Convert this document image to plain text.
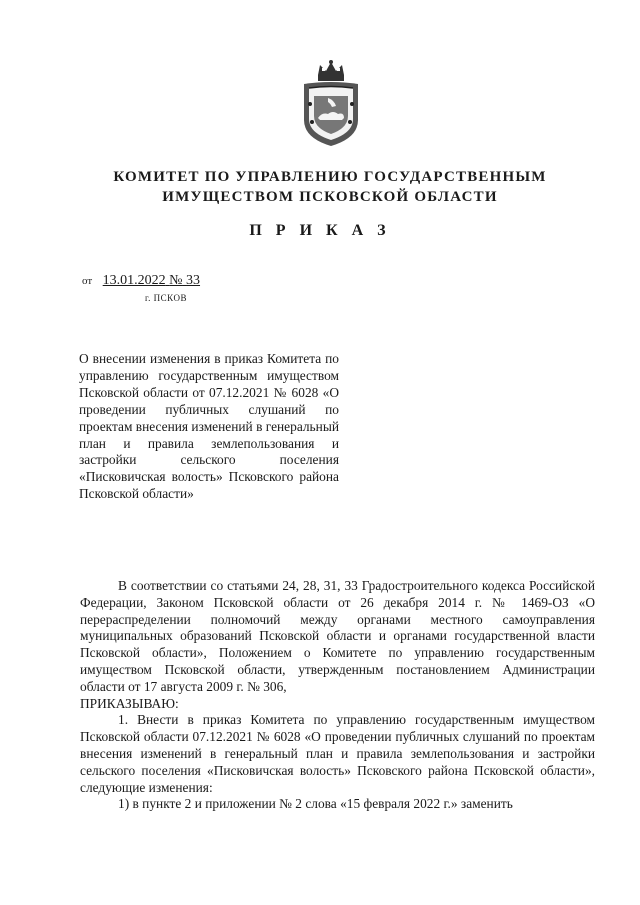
КОМИТЕТ ПО УПРАВЛЕНИЮ ГОСУДАРСТВЕННЫМ
ИМУЩЕСТВОМ ПСКОВСКОЙ ОБЛАСТИ
П Р И К А З
от 13.01.2022 № 33
г. ПСКОВ
О внесении изменения в приказ Комитета по управлению государственным имуществом Псковской области от 07.12.2021 № 6028 «О проведении публичных слушаний по проектам внесения изменений в генеральный план и правила землепользования и застройки сельского поселения «Писковичская волость» Псковского района Псковской области»

В соответствии со статьями 24, 28, 31, 33 Градостроительного кодекса Российской Федерации, Законом Псковской области от 26 декабря 2014 г. № 1469-ОЗ «О перераспределении полномочий между органами местного самоуправления муниципальных образований Псковской области и органами государственной власти Псковской области», Положением о Комитете по управлению государственным имуществом Псковской области, утвержденным постановлением Администрации области от 17 августа 2009 г. № 306,

ПРИКАЗЫВАЮ:

1. Внести в приказ Комитета по управлению государственным имуществом Псковской области 07.12.2021 № 6028 «О проведении публичных слушаний по проектам внесения изменений в генеральный план и правила землепользования и застройки сельского поселения «Писковичская волость» Псковского района Псковской области», следующие изменения:

1) в пункте 2 и приложении № 2 слова «15 февраля 2022 г.» заменить
